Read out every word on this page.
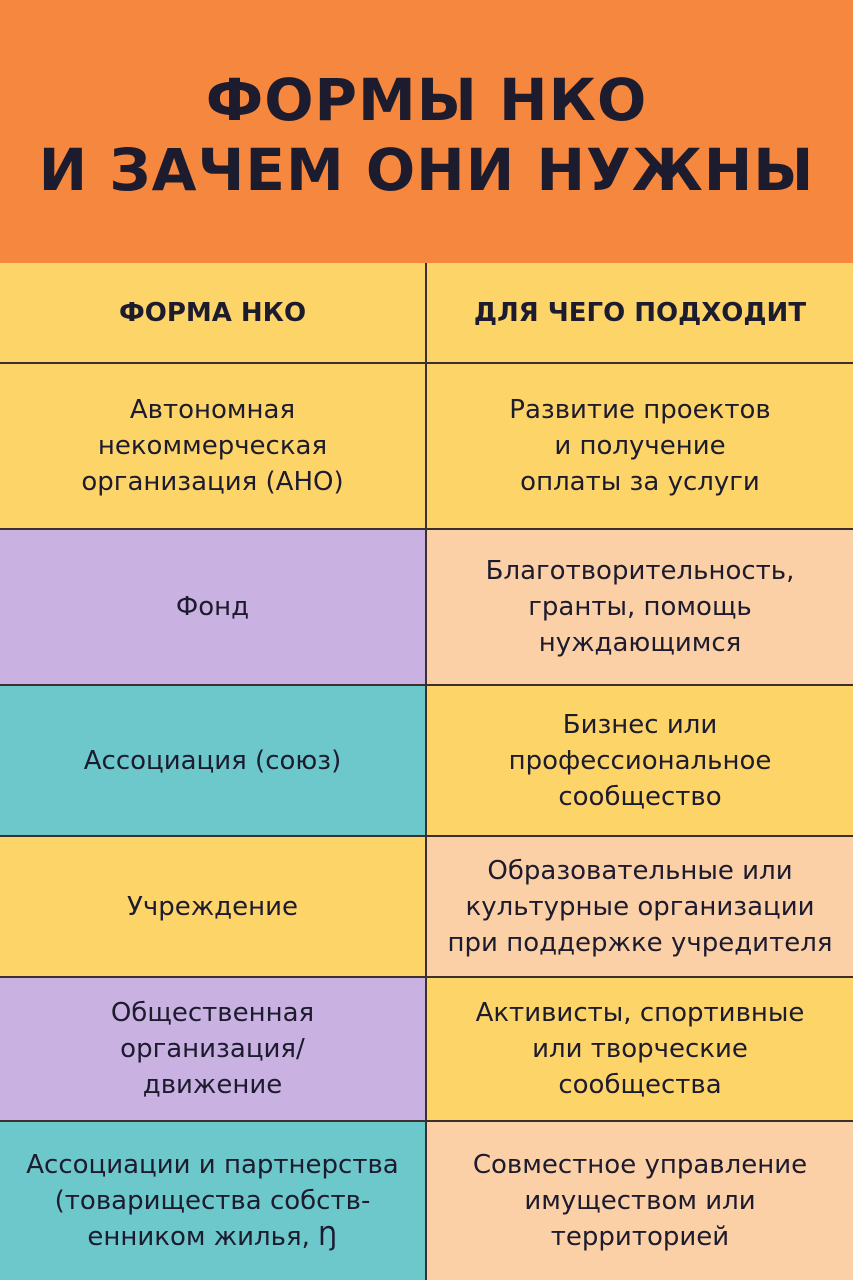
ФОРМЫ НКО
И ЗАЧЕМ ОНИ НУЖНЫ
ФОРМА НКО	ДЛЯ ЧЕГО ПОДХОДИТ
Автономная
некоммерческая
организация (АНО)
Развитие проектов
и получение
оплаты за услуги
Фонд
Благотворительность,
гранты, помощь
нуждающимся
Ассоциация (союз)
Бизнес или
профессиональное
сообщество
Учреждение
Образовательные или
культурные организации
при поддержке учредителя
Общественная
организация/
движение
Активисты, спортивные
или творческие
сообщества
Ассоциации и партнерства
(товарищества собств-
енником жилья, Ŋ
Совместное управление
имуществом или
территорией
